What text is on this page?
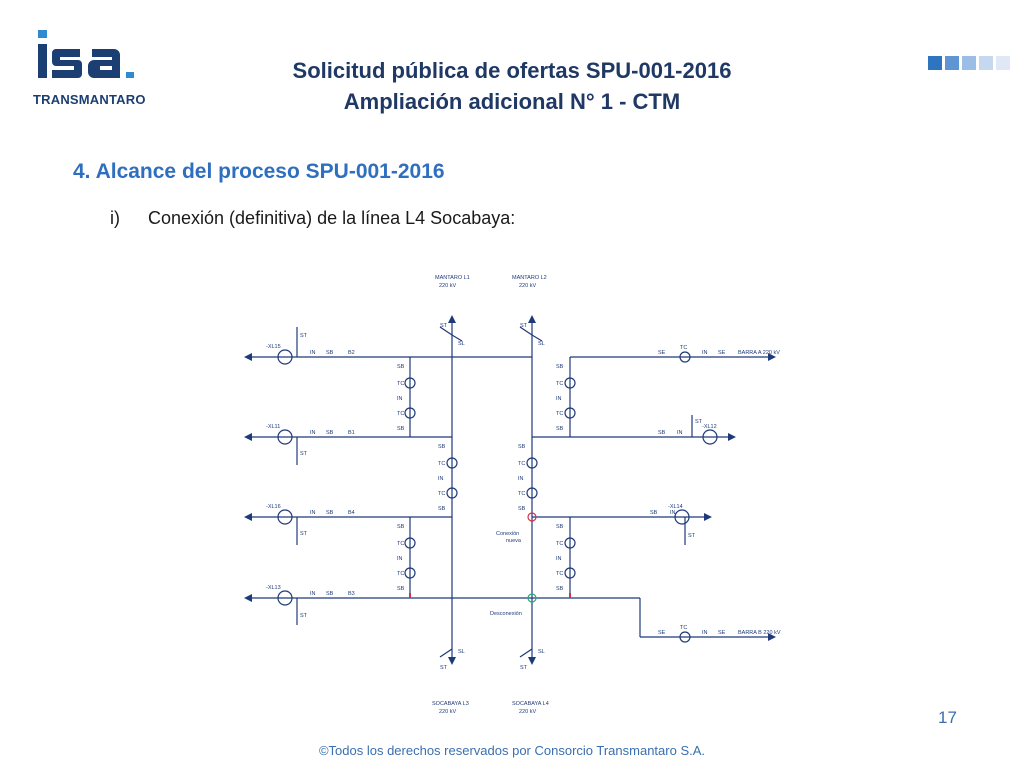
TRANSMANTARO
Solicitud pública de ofertas SPU-001-2016
Ampliación adicional N° 1 - CTM
4. Alcance del proceso SPU-001-2016
i) Conexión (definitiva) de la línea L4 Socabaya:
MANTARO L1
220 kV
MANTARO L2
220 kV
SOCABAYA L3
220 kV
SOCABAYA L4
220 kV
-XL15
-XL11
-XL16
-XL13
-XL12
-XL14
B2
B1
B4
B3
BARRA A 220 kV
BARRA B 220 kV
Conexión
nueva
Desconexión
ST
SL
ST
SL
SL
ST
SL
ST
SB
TC
IN
TC
SB
SB
TC
IN
TC
SB
SB
TC
IN
TC
SB
SB
TC
IN
TC
SB
SB
TC
IN
TC
SB
SB
TC
IN
TC
SB
IN SB
IN SB
IN SB
IN SB
ST
ST
ST
ST
SE
TC
IN SE
SE
TC
IN SE
SB IN
ST
SB IN
ST
17
©Todos los derechos reservados por Consorcio Transmantaro S.A.
